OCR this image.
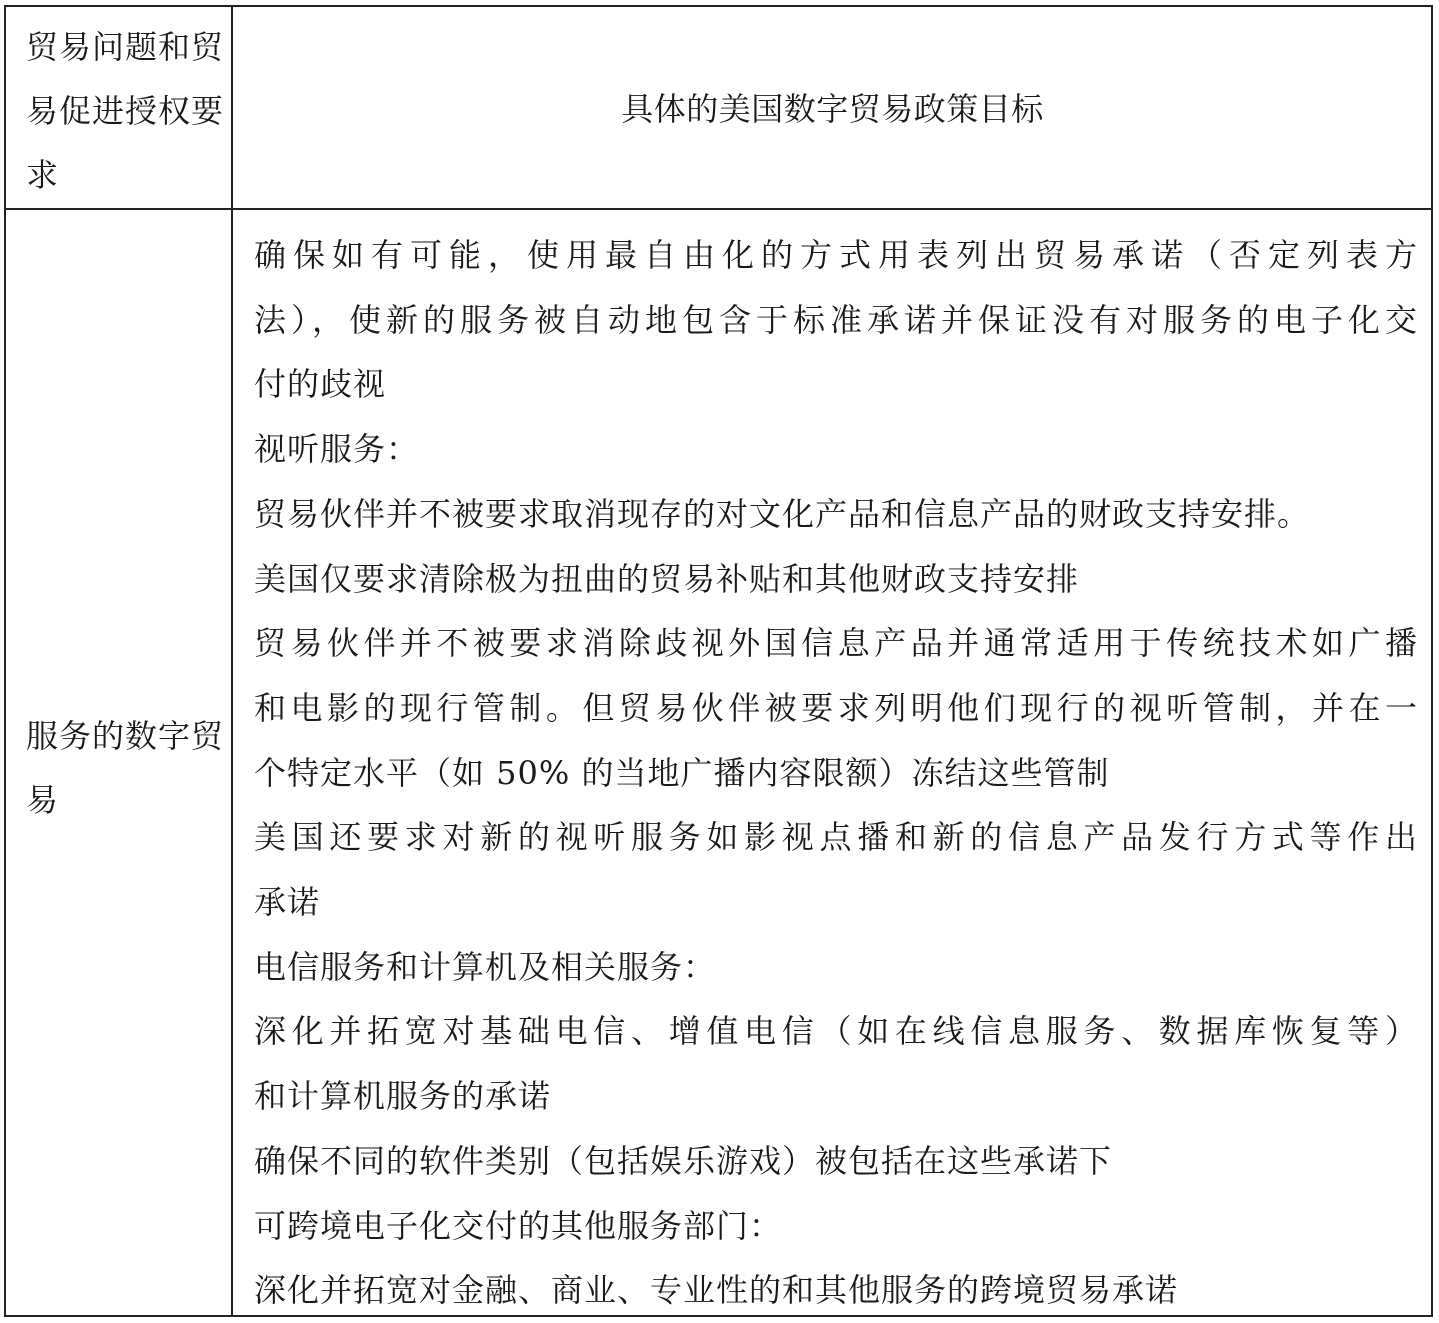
贸易问题和贸易促进授权要求
具体的美国数字贸易政策目标
服务的数字贸易
确保如有可能，使用最自由化的方式用表列出贸易承诺（否定列表方
法），使新的服务被自动地包含于标准承诺并保证没有对服务的电子化交
付的歧视
视听服务：
贸易伙伴并不被要求取消现存的对文化产品和信息产品的财政支持安排。
美国仅要求清除极为扭曲的贸易补贴和其他财政支持安排
贸易伙伴并不被要求消除歧视外国信息产品并通常适用于传统技术如广播
和电影的现行管制。但贸易伙伴被要求列明他们现行的视听管制，并在一
个特定水平（如 50% 的当地广播内容限额）冻结这些管制
美国还要求对新的视听服务如影视点播和新的信息产品发行方式等作出
承诺
电信服务和计算机及相关服务：
深化并拓宽对基础电信、增值电信（如在线信息服务、数据库恢复等）
和计算机服务的承诺
确保不同的软件类别（包括娱乐游戏）被包括在这些承诺下
可跨境电子化交付的其他服务部门：
深化并拓宽对金融、商业、专业性的和其他服务的跨境贸易承诺
